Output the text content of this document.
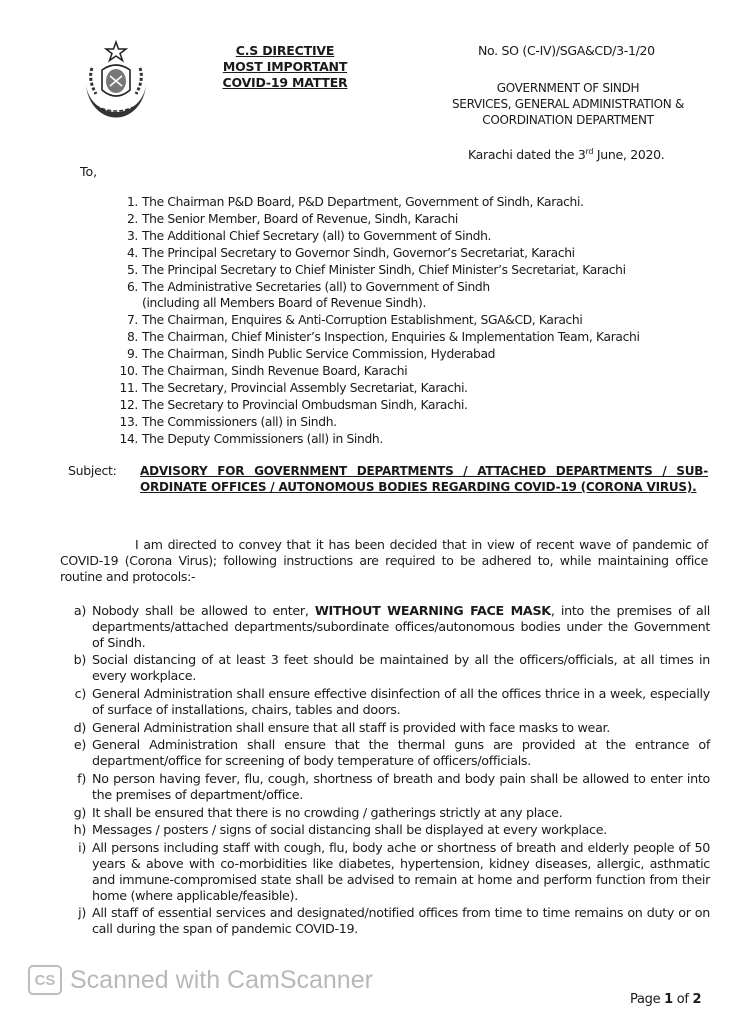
C.S DIRECTIVE
MOST IMPORTANT
COVID-19 MATTER
No. SO (C-IV)/SGA&CD/3-1/20
GOVERNMENT OF SINDH
SERVICES, GENERAL ADMINISTRATION &
COORDINATION DEPARTMENT
Karachi dated the 3rd June, 2020.
To,
1. The Chairman P&D Board, P&D Department, Government of Sindh, Karachi.
2. The Senior Member, Board of Revenue, Sindh, Karachi
3. The Additional Chief Secretary (all) to Government of Sindh.
4. The Principal Secretary to Governor Sindh, Governor’s Secretariat, Karachi
5. The Principal Secretary to Chief Minister Sindh, Chief Minister’s Secretariat, Karachi
6. The Administrative Secretaries (all) to Government of Sindh
(including all Members Board of Revenue Sindh).
7. The Chairman, Enquires & Anti-Corruption Establishment, SGA&CD, Karachi
8. The Chairman, Chief Minister’s Inspection, Enquiries & Implementation Team, Karachi
9. The Chairman, Sindh Public Service Commission, Hyderabad
10. The Chairman, Sindh Revenue Board, Karachi
11. The Secretary, Provincial Assembly Secretariat, Karachi.
12. The Secretary to Provincial Ombudsman Sindh, Karachi.
13. The Commissioners (all) in Sindh.
14. The Deputy Commissioners (all) in Sindh.
Subject: ADVISORY FOR GOVERNMENT DEPARTMENTS / ATTACHED DEPARTMENTS / SUB-ORDINATE OFFICES / AUTONOMOUS BODIES REGARDING COVID-19 (CORONA VIRUS).
I am directed to convey that it has been decided that in view of recent wave of pandemic of COVID-19 (Corona Virus); following instructions are required to be adhered to, while maintaining office routine and protocols:-
a) Nobody shall be allowed to enter, WITHOUT WEARNING FACE MASK, into the premises of all departments/attached departments/subordinate offices/autonomous bodies under the Government of Sindh.
b) Social distancing of at least 3 feet should be maintained by all the officers/officials, at all times in every workplace.
c) General Administration shall ensure effective disinfection of all the offices thrice in a week, especially of surface of installations, chairs, tables and doors.
d) General Administration shall ensure that all staff is provided with face masks to wear.
e) General Administration shall ensure that the thermal guns are provided at the entrance of department/office for screening of body temperature of officers/officials.
f) No person having fever, flu, cough, shortness of breath and body pain shall be allowed to enter into the premises of department/office.
g) It shall be ensured that there is no crowding / gatherings strictly at any place.
h) Messages / posters / signs of social distancing shall be displayed at every workplace.
i) All persons including staff with cough, flu, body ache or shortness of breath and elderly people of 50 years & above with co-morbidities like diabetes, hypertension, kidney diseases, allergic, asthmatic and immune-compromised state shall be advised to remain at home and perform function from their home (where applicable/feasible).
j) All staff of essential services and designated/notified offices from time to time remains on duty or on call during the span of pandemic COVID-19.
CS Scanned with CamScanner
Page 1 of 2
